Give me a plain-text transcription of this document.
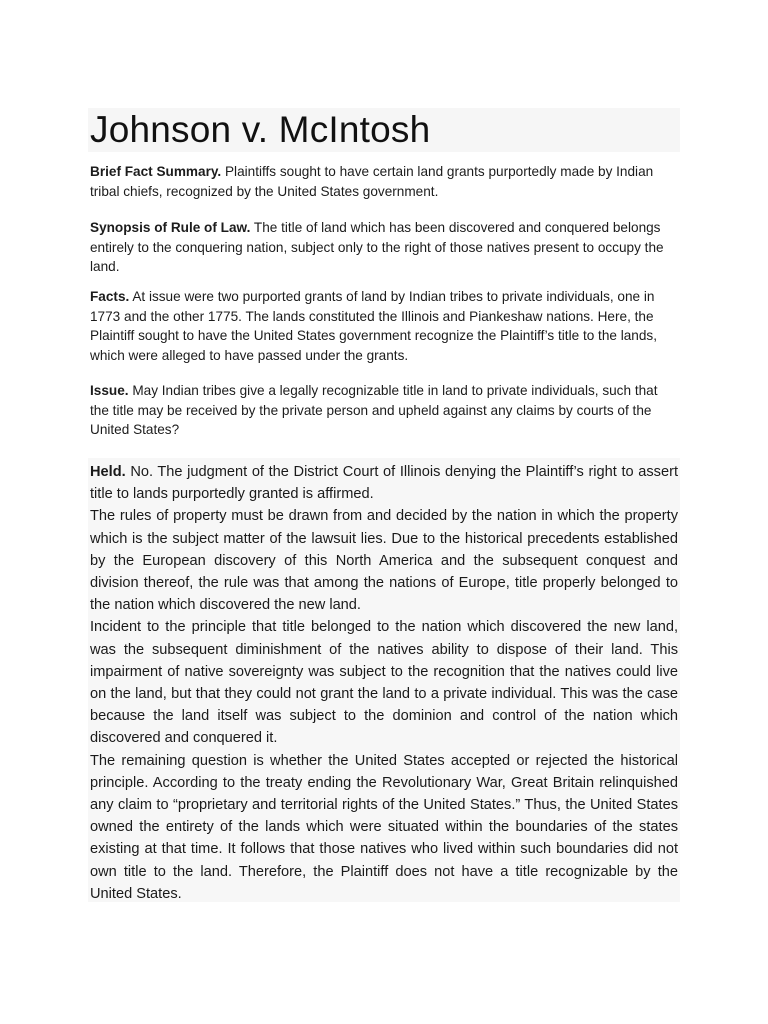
Johnson v. McIntosh

Brief Fact Summary. Plaintiffs sought to have certain land grants purportedly made by Indian tribal chiefs, recognized by the United States government.

Synopsis of Rule of Law. The title of land which has been discovered and conquered belongs entirely to the conquering nation, subject only to the right of those natives present to occupy the land.

Facts. At issue were two purported grants of land by Indian tribes to private individuals, one in 1773 and the other 1775. The lands constituted the Illinois and Piankeshaw nations. Here, the Plaintiff sought to have the United States government recognize the Plaintiff’s title to the lands, which were alleged to have passed under the grants.

Issue. May Indian tribes give a legally recognizable title in land to private individuals, such that the title may be received by the private person and upheld against any claims by courts of the United States?

Held. No. The judgment of the District Court of Illinois denying the Plaintiff’s right to assert title to lands purportedly granted is affirmed.
The rules of property must be drawn from and decided by the nation in which the property which is the subject matter of the lawsuit lies. Due to the historical precedents established by the European discovery of this North America and the subsequent conquest and division thereof, the rule was that among the nations of Europe, title properly belonged to the nation which discovered the new land.
Incident to the principle that title belonged to the nation which discovered the new land, was the subsequent diminishment of the natives ability to dispose of their land. This impairment of native sovereignty was subject to the recognition that the natives could live on the land, but that they could not grant the land to a private individual. This was the case because the land itself was subject to the dominion and control of the nation which discovered and conquered it.
The remaining question is whether the United States accepted or rejected the historical principle. According to the treaty ending the Revolutionary War, Great Britain relinquished any claim to “proprietary and territorial rights of the United States.” Thus, the United States owned the entirety of the lands which were situated within the boundaries of the states existing at that time. It follows that those natives who lived within such boundaries did not own title to the land. Therefore, the Plaintiff does not have a title recognizable by the United States.
